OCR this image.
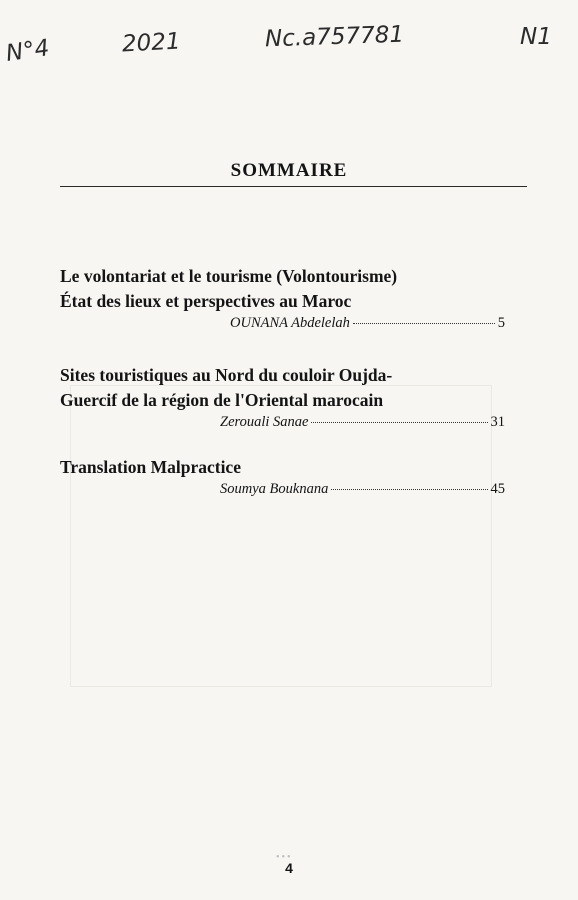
N°4	2021	Nc.a757781	N1
SOMMAIRE
Le volontariat et le tourisme (Volontourisme)
État des lieux et perspectives au Maroc
OUNANA Abdelelah	5
Sites touristiques au Nord du couloir Oujda-
Guercif de la région de l'Oriental marocain
Zerouali Sanae	31
Translation Malpractice
Soumya Bouknana	45
•••
4
